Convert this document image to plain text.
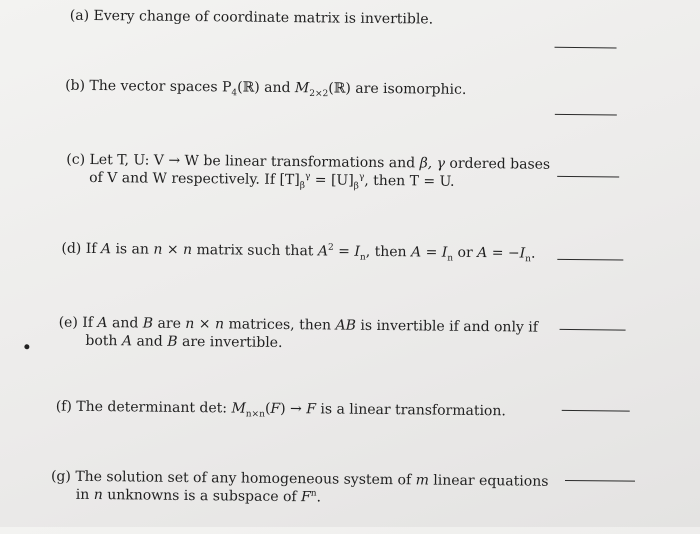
(a) Every change of coordinate matrix is invertible.
(b) The vector spaces $P_4(ℝ)$ and $M_{2\times 2}(ℝ)$ are isomorphic.
(c) Let T, U: V → W be linear transformations and β, γ ordered bases
of V and W respectively. If $[T]_\beta^\gamma = [U]_\beta^\gamma$, then T = U.
(d) If A is an n × n matrix such that $A^2 = I_n$, then $A = I_n$ or $A = -I_n$.
(e) If A and B are n × n matrices, then AB is invertible if and only if
both A and B are invertible.
(f) The determinant det: $M_{n\times n}(F) \to F$ is a linear transformation.
(g) The solution set of any homogeneous system of m linear equations
in n unknowns is a subspace of $F^n$.
